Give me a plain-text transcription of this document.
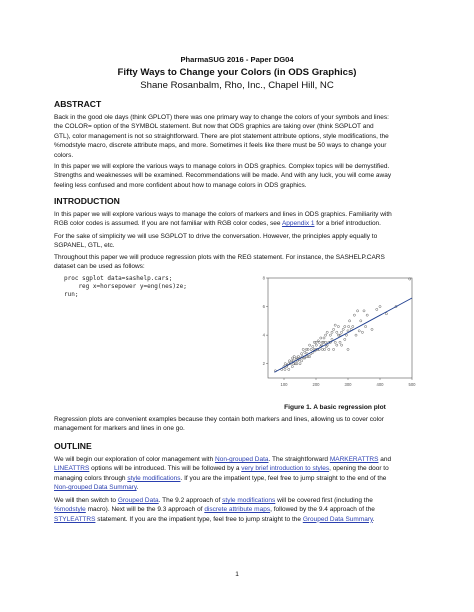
PharmaSUG 2016 - Paper DG04
Fifty Ways to Change your Colors (in ODS Graphics)
Shane Rosanbalm, Rho, Inc., Chapel Hill, NC
ABSTRACT
Back in the good ole days (think GPLOT) there was one primary way to change the colors of your symbols and lines:
the COLOR= option of the SYMBOL statement. But now that ODS graphics are taking over (think SGPLOT and
GTL), color management is not so straightforward. There are plot statement attribute options, style modifications, the
%modstyle macro, discrete attribute maps, and more. Sometimes it feels like there must be 50 ways to change your
colors.
In this paper we will explore the various ways to manage colors in ODS graphics. Complex topics will be demystified.
Strengths and weaknesses will be examined. Recommendations will be made. And with any luck, you will come away
feeling less confused and more confident about how to manage colors in ODS graphics.
INTRODUCTION
In this paper we will explore various ways to manage the colors of markers and lines in ODS graphics. Familiarity with
RGB color codes is assumed. If you are not familiar with RGB color codes, see Appendix 1 for a brief introduction.
For the sake of simplicity we will use SGPLOT to drive the conversation. However, the principles apply equally to
SGPANEL, GTL, etc.
Throughout this paper we will produce regression plots with the REG statement. For instance, the SASHELP.CARS
dataset can be used as follows:
proc sgplot data=sashelp.cars;
reg x=horsepower y=eng(nes)ze;
run;
100	200	300	400	500
2
4
6
8
Figure 1. A basic regression plot
Regression plots are convenient examples because they contain both markers and lines, allowing us to cover color
management for markers and lines in one go.
OUTLINE
We will begin our exploration of color management with Non-grouped Data. The straightforward MARKERATTRS and
LINEATTRS options will be introduced. This will be followed by a very brief introduction to styles, opening the door to
managing colors through style modifications. If you are the impatient type, feel free to jump straight to the end of the
Non-grouped Data Summary.
We will then switch to Grouped Data. The 9.2 approach of style modifications will be covered first (including the
%modstyle macro). Next will be the 9.3 approach of discrete attribute maps, followed by the 9.4 approach of the
STYLEATTRS statement. If you are the impatient type, feel free to jump straight to the Grouped Data Summary.
1
